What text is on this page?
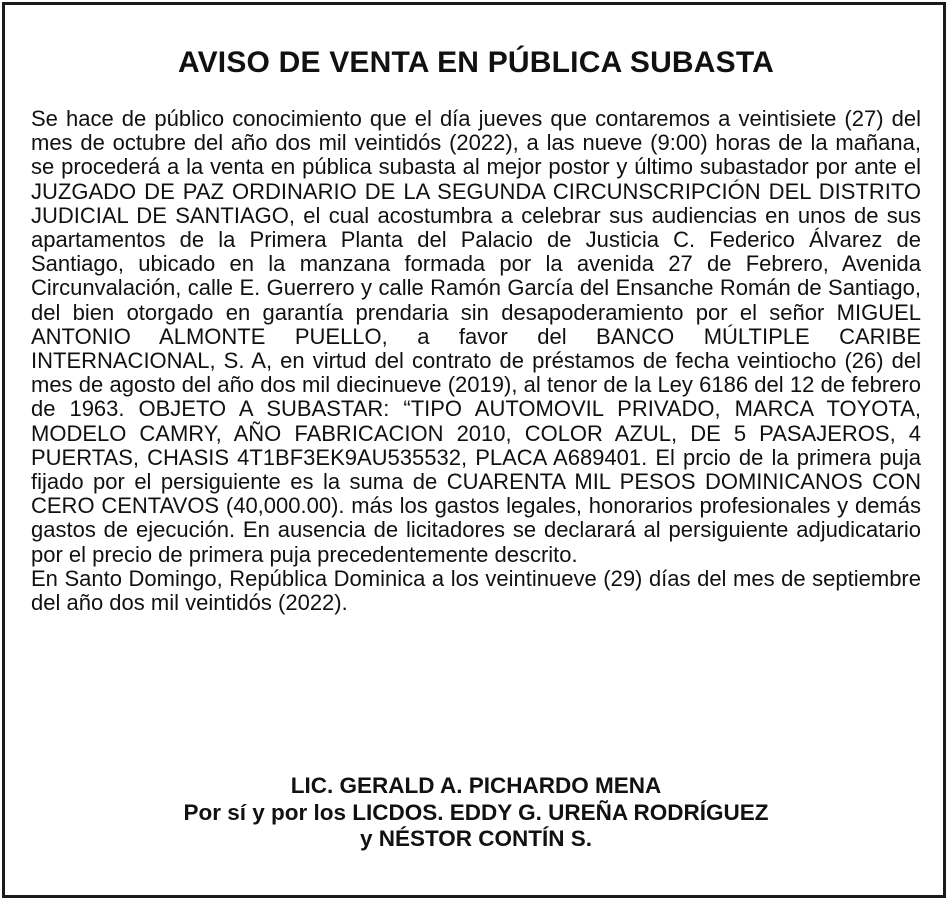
AVISO DE VENTA EN PÚBLICA SUBASTA

Se hace de público conocimiento que el día jueves que contaremos a veintisiete (27) del mes de octubre del año dos mil veintidós (2022), a las nueve (9:00) horas de la mañana, se procederá a la venta en pública subasta al mejor postor y último subastador por ante el JUZGADO DE PAZ ORDINARIO DE LA SEGUNDA CIRCUNSCRIPCIÓN DEL DISTRITO JUDICIAL DE SANTIAGO, el cual acostumbra a celebrar sus audiencias en unos de sus apartamentos de la Primera Planta del Palacio de Justicia C. Federico Álvarez de Santiago, ubicado en la manzana formada por la avenida 27 de Febrero, Avenida Circunvalación, calle E. Guerrero y calle Ramón García del Ensanche Román de Santiago, del bien otorgado en garantía prendaria sin desapoderamiento por el señor MIGUEL ANTONIO ALMONTE PUELLO, a favor del BANCO MÚLTIPLE CARIBE INTERNACIONAL, S. A, en virtud del contrato de préstamos de fecha veintiocho (26) del mes de agosto del año dos mil diecinueve (2019), al tenor de la Ley 6186 del 12 de febrero de 1963. OBJETO A SUBASTAR: “TIPO AUTOMOVIL PRIVADO, MARCA TOYOTA, MODELO CAMRY, AÑO FABRICACION 2010, COLOR AZUL, DE 5 PASAJEROS, 4 PUERTAS, CHASIS 4T1BF3EK9AU535532, PLACA A689401. El prcio de la primera puja fijado por el persiguiente es la suma de CUARENTA MIL PESOS DOMINICANOS CON CERO CENTAVOS (40,000.00). más los gastos legales, honorarios profesionales y demás gastos de ejecución. En ausencia de licitadores se declarará al persiguiente adjudicatario por el precio de primera puja precedentemente descrito.

En Santo Domingo, República Dominica a los veintinueve (29) días del mes de septiembre del año dos mil veintidós (2022).

LIC. GERALD A. PICHARDO MENA
Por sí y por los LICDOS. EDDY G. UREÑA RODRÍGUEZ
y NÉSTOR CONTÍN S.
